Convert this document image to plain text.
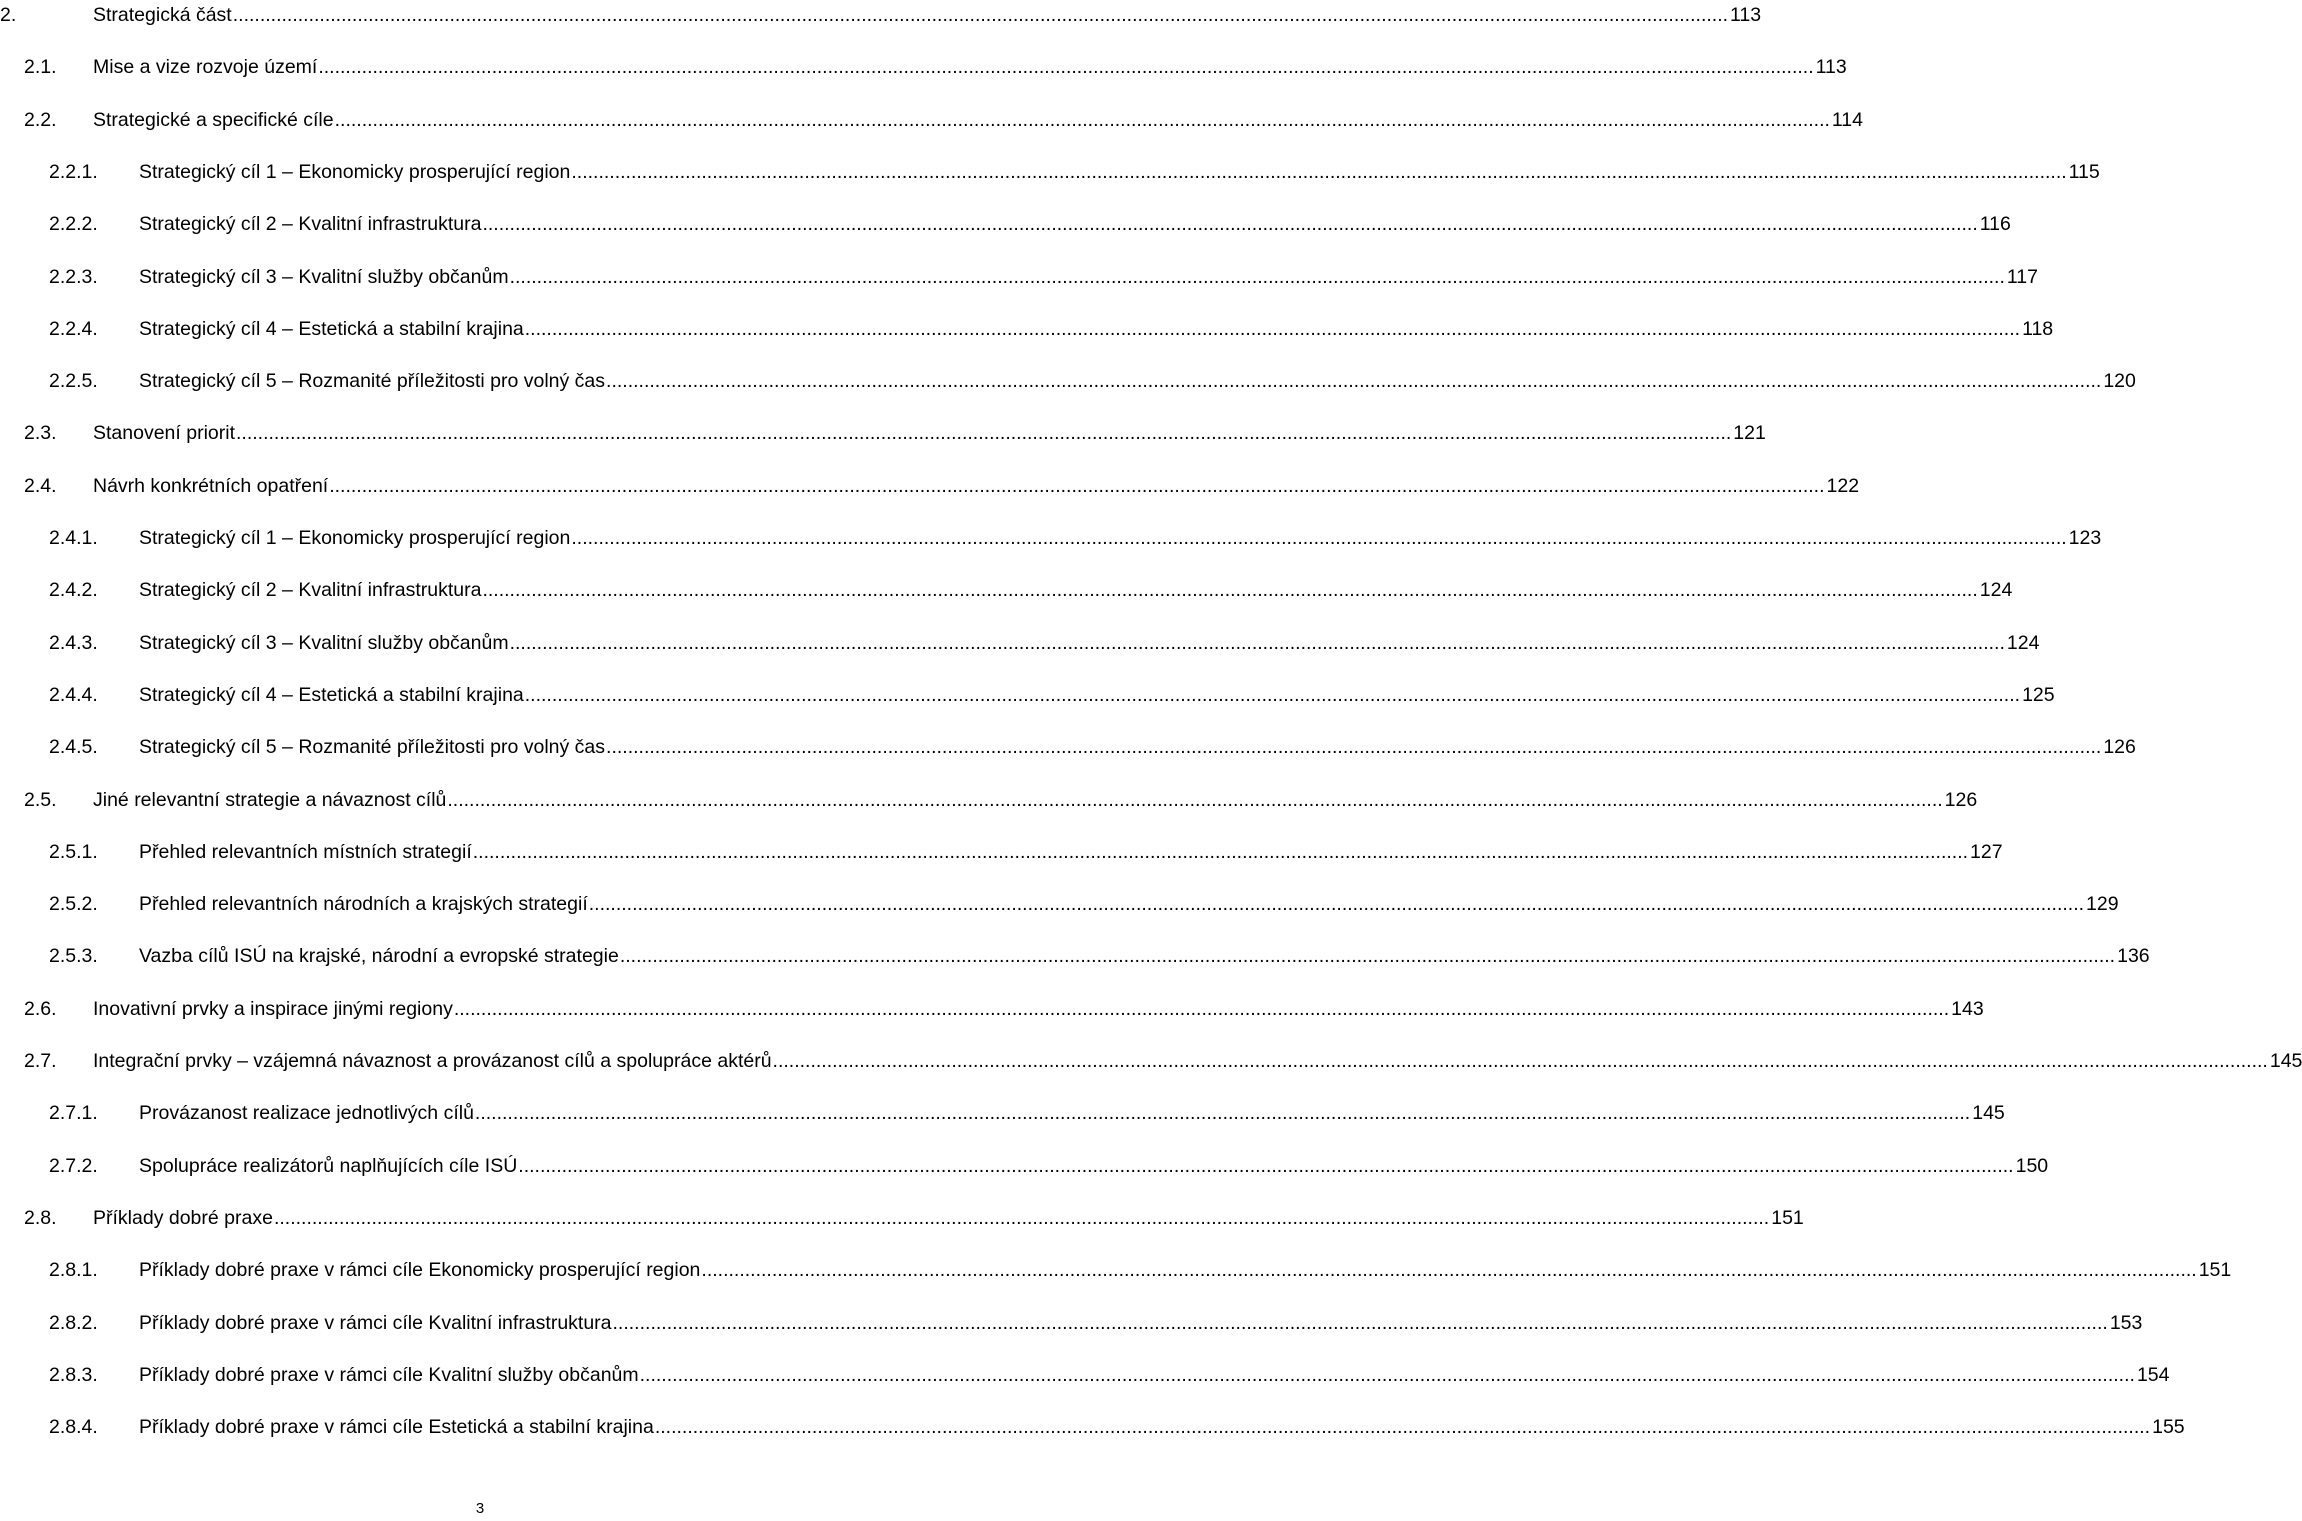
2.	Strategická část .....	113
2.1.	Mise a vize rozvoje území .....	113
2.2.	Strategické a specifické cíle .....	114
2.2.1.	Strategický cíl 1 – Ekonomicky prosperující region .....	115
2.2.2.	Strategický cíl 2 – Kvalitní infrastruktura .....	116
2.2.3.	Strategický cíl 3 – Kvalitní služby občanům .....	117
2.2.4.	Strategický cíl 4 – Estetická a stabilní krajina .....	118
2.2.5.	Strategický cíl 5 – Rozmanité příležitosti pro volný čas .....	120
2.3.	Stanovení priorit .....	121
2.4.	Návrh konkrétních opatření .....	122
2.4.1.	Strategický cíl 1 – Ekonomicky prosperující region .....	123
2.4.2.	Strategický cíl 2 – Kvalitní infrastruktura .....	124
2.4.3.	Strategický cíl 3 – Kvalitní služby občanům .....	124
2.4.4.	Strategický cíl 4 – Estetická a stabilní krajina .....	125
2.4.5.	Strategický cíl 5 – Rozmanité příležitosti pro volný čas .....	126
2.5.	Jiné relevantní strategie a návaznost cílů .....	126
2.5.1.	Přehled relevantních místních strategií .....	127
2.5.2.	Přehled relevantních národních a krajských strategií .....	129
2.5.3.	Vazba cílů ISÚ na krajské, národní a evropské strategie .....	136
2.6.	Inovativní prvky a inspirace jinými regiony .....	143
2.7.	Integrační prvky – vzájemná návaznost a provázanost cílů a spolupráce aktérů .....	145
2.7.1.	Provázanost realizace jednotlivých cílů .....	145
2.7.2.	Spolupráce realizátorů naplňujících cíle ISÚ .....	150
2.8.	Příklady dobré praxe .....	151
2.8.1.	Příklady dobré praxe v rámci cíle Ekonomicky prosperující region .....	151
2.8.2.	Příklady dobré praxe v rámci cíle Kvalitní infrastruktura .....	153
2.8.3.	Příklady dobré praxe v rámci cíle Kvalitní služby občanům .....	154
2.8.4.	Příklady dobré praxe v rámci cíle Estetická a stabilní krajina .....	155
3
